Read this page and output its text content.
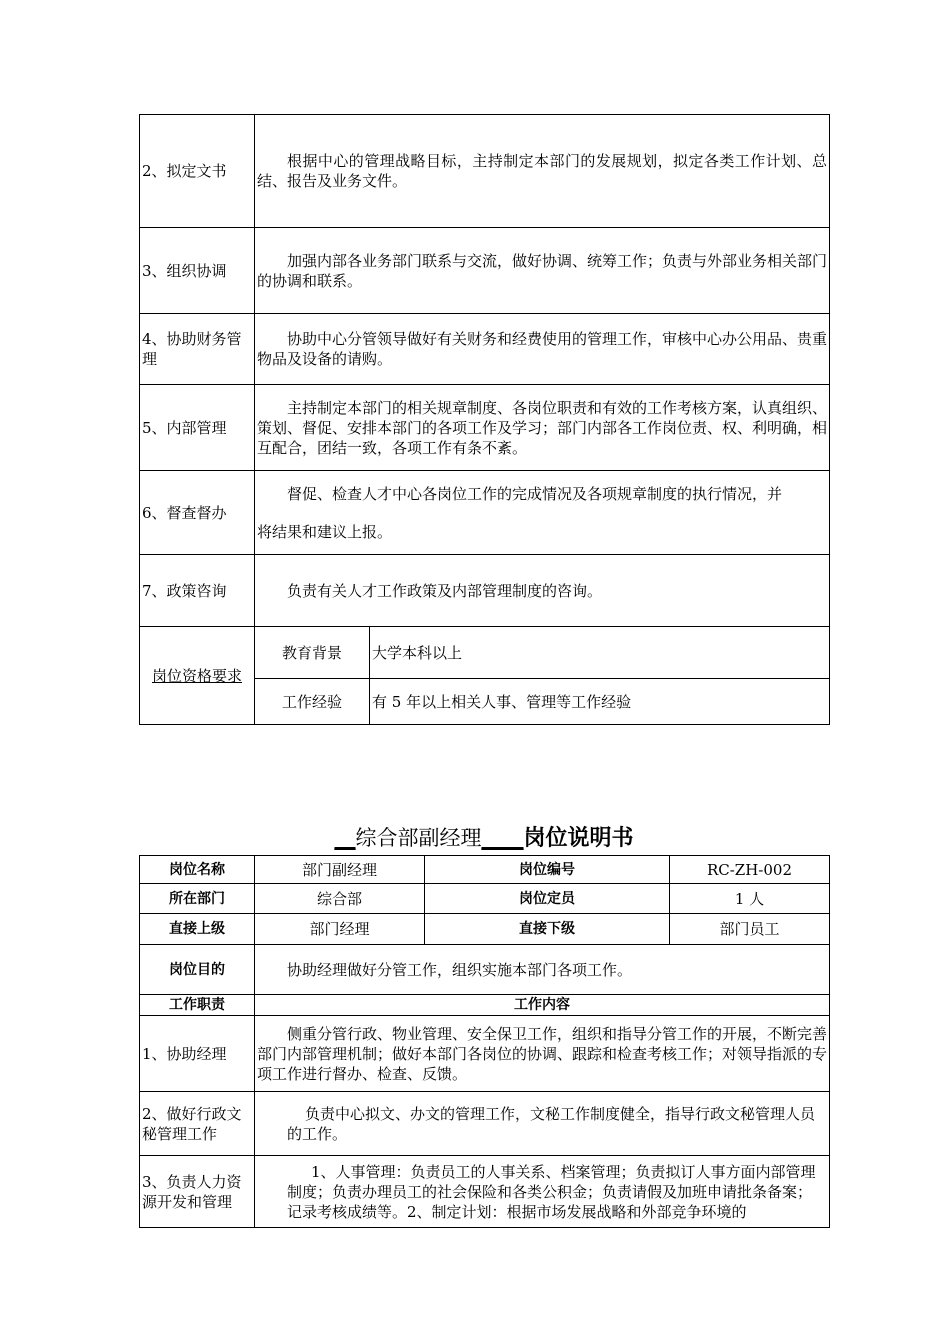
2、拟定文书	根据中心的管理战略目标，主持制定本部门的发展规划，拟定各类工作计划、总结、报告及业务文件。	
3、组织协调	加强内部各业务部门联系与交流，做好协调、统筹工作；负责与外部业务相关部门的协调和联系。	
4、协助财务管理	协助中心分管领导做好有关财务和经费使用的管理工作，审核中心办公用品、贵重物品及设备的请购。	
5、内部管理	主持制定本部门的相关规章制度、各岗位职责和有效的工作考核方案，认真组织、策划、督促、安排本部门的各项工作及学习；部门内部各工作岗位责、权、利明确，相互配合，团结一致，各项工作有条不紊。	
6、督查督办	督促、检查人才中心各岗位工作的完成情况及各项规章制度的执行情况，并
将结果和建议上报。	

7、政策咨询	负责有关人才工作政策及内部管理制度的咨询。	
岗位资格要求	教育背景	大学本科以上
	工作经验	有 5 年以上相关人事、管理等工作经验
__综合部副经理____岗位说明书
岗位名称	部门副经理	岗位编号	RC-ZH-002
所在部门	综合部	岗位定员	1 人
直接上级	部门经理	直接下级	部门员工
岗位目的	协助经理做好分管工作，组织实施本部门各项工作。		
工作职责	工作内容		
1、协助经理	侧重分管行政、物业管理、安全保卫工作，组织和指导分管工作的开展，不断完善部门内部管理机制；做好本部门各岗位的协调、跟踪和检查考核工作；对领导指派的专项工作进行督办、检查、反馈。		
2、做好行政文秘管理工作	负责中心拟文、办文的管理工作，文秘工作制度健全，指导行政文秘管理人员的工作。		
3、负责人力资源开发和管理	1、人事管理：负责员工的人事关系、档案管理；负责拟订人事方面内部管理制度；负责办理员工的社会保险和各类公积金；负责请假及加班申请批条备案；记录考核成绩等。2、制定计划：根据市场发展战略和外部竞争环境的		
